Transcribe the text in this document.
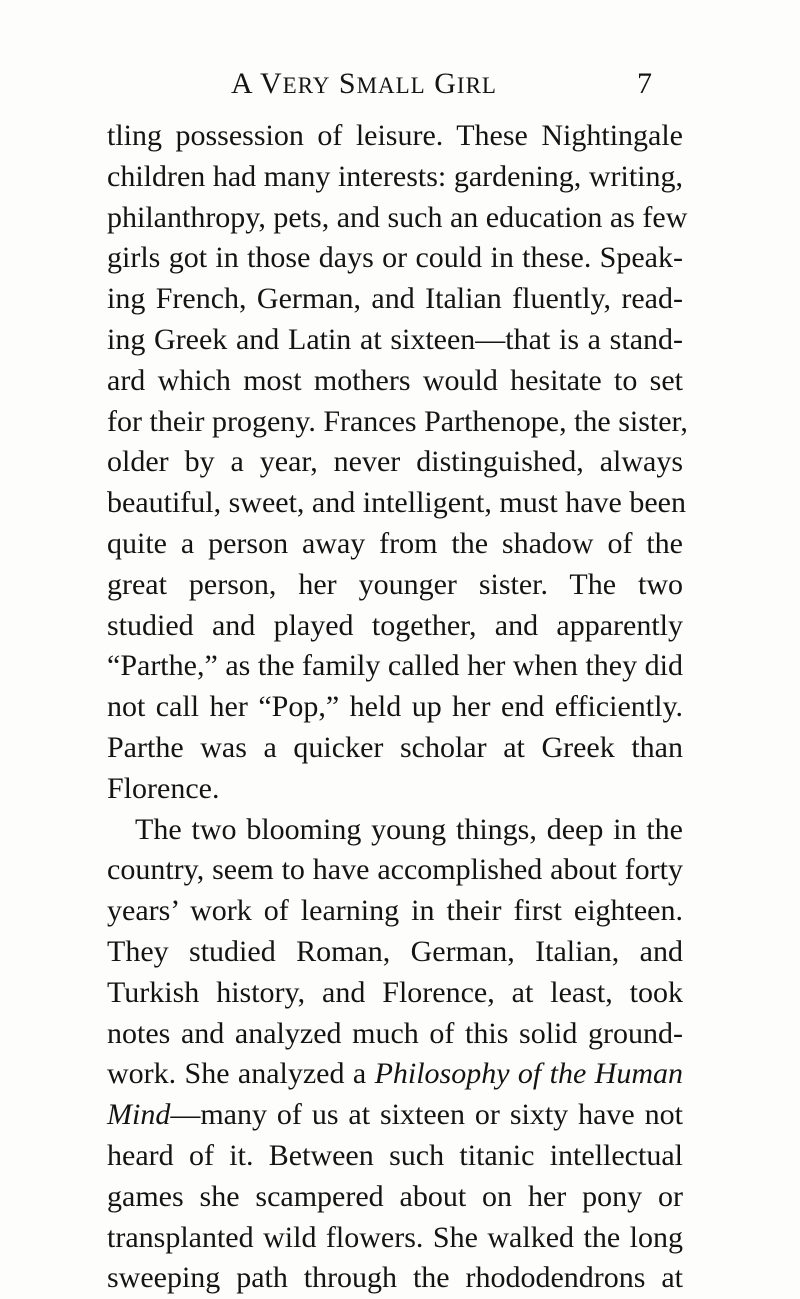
A VERY SMALL GIRL	7
tling possession of leisure. These Nightingale
children had many interests: gardening, writing,
philanthropy, pets, and such an education as few
girls got in those days or could in these. Speak-
ing French, German, and Italian fluently, read-
ing Greek and Latin at sixteen—that is a stand-
ard which most mothers would hesitate to set
for their progeny. Frances Parthenope, the sister,
older by a year, never distinguished, always
beautiful, sweet, and intelligent, must have been
quite a person away from the shadow of the
great person, her younger sister. The two
studied and played together, and apparently
“Parthe,” as the family called her when they did
not call her “Pop,” held up her end efficiently.
Parthe was a quicker scholar at Greek than
Florence.
The two blooming young things, deep in the
country, seem to have accomplished about forty
years’ work of learning in their first eighteen.
They studied Roman, German, Italian, and
Turkish history, and Florence, at least, took
notes and analyzed much of this solid ground-
work. She analyzed a Philosophy of the Human
Mind—many of us at sixteen or sixty have not
heard of it. Between such titanic intellectual
games she scampered about on her pony or
transplanted wild flowers. She walked the long
sweeping path through the rhododendrons at
